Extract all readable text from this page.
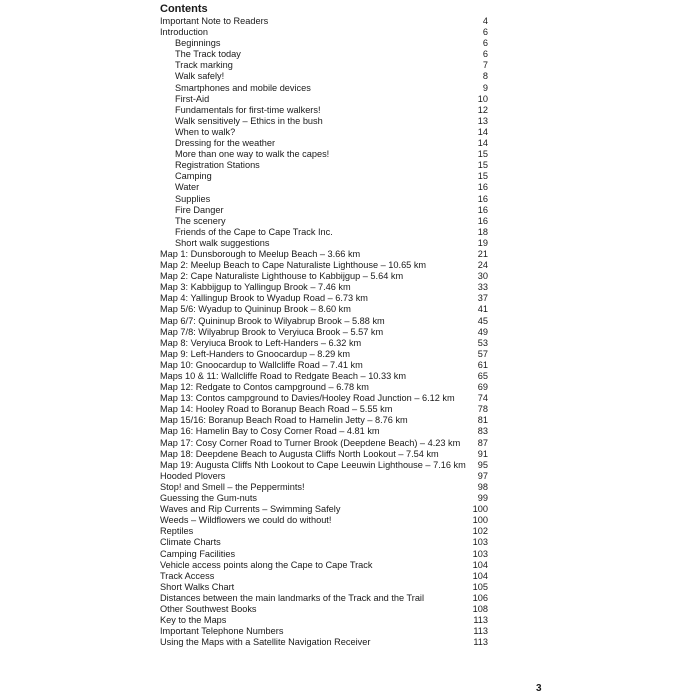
Contents
Important Note to Readers	4
Introduction	6
Beginnings	6
The Track today	6
Track marking	7
Walk safely!	8
Smartphones and mobile devices	9
First-Aid	10
Fundamentals for first-time walkers!	12
Walk sensitively – Ethics in the bush	13
When to walk?	14
Dressing for the weather	14
More than one way to walk the capes!	15
Registration Stations	15
Camping	15
Water	16
Supplies	16
Fire Danger	16
The scenery	16
Friends of the Cape to Cape Track Inc.	18
Short walk suggestions	19
Map 1: Dunsborough to Meelup Beach – 3.66 km	21
Map 2: Meelup Beach to Cape Naturaliste Lighthouse – 10.65 km	24
Map 2: Cape Naturaliste Lighthouse to Kabbijgup – 5.64 km	30
Map 3: Kabbijgup to Yallingup Brook – 7.46 km	33
Map 4: Yallingup Brook to Wyadup Road – 6.73 km	37
Map 5/6: Wyadup to Quininup Brook – 8.60 km	41
Map 6/7: Quininup Brook to Wilyabrup Brook – 5.88 km	45
Map 7/8: Wilyabrup Brook to Veryiuca Brook – 5.57 km	49
Map 8: Veryiuca Brook to Left-Handers – 6.32 km	53
Map 9: Left-Handers to Gnoocardup – 8.29 km	57
Map 10: Gnoocardup to Wallcliffe Road – 7.41 km	61
Maps 10 & 11: Wallcliffe Road to Redgate Beach – 10.33 km	65
Map 12: Redgate to Contos campground – 6.78 km	69
Map 13: Contos campground to Davies/Hooley Road Junction – 6.12 km	74
Map 14: Hooley Road to Boranup Beach Road – 5.55 km	78
Map 15/16: Boranup Beach Road to Hamelin Jetty – 8.76 km	81
Map 16: Hamelin Bay to Cosy Corner Road – 4.81 km	83
Map 17: Cosy Corner Road to Turner Brook (Deepdene Beach) – 4.23 km	87
Map 18: Deepdene Beach to Augusta Cliffs North Lookout – 7.54 km	91
Map 19: Augusta Cliffs Nth Lookout to Cape Leeuwin Lighthouse – 7.16 km	95
Hooded Plovers	97
Stop! and Smell – the Peppermints!	98
Guessing the Gum-nuts	99
Waves and Rip Currents – Swimming Safely	100
Weeds – Wildflowers we could do without!	100
Reptiles	102
Climate Charts	103
Camping Facilities	103
Vehicle access points along the Cape to Cape Track	104
Track Access	104
Short Walks Chart	105
Distances between the main landmarks of the Track and the Trail	106
Other Southwest Books	108
Key to the Maps	113
Important Telephone Numbers	113
Using the Maps with a Satellite Navigation Receiver	113
3
